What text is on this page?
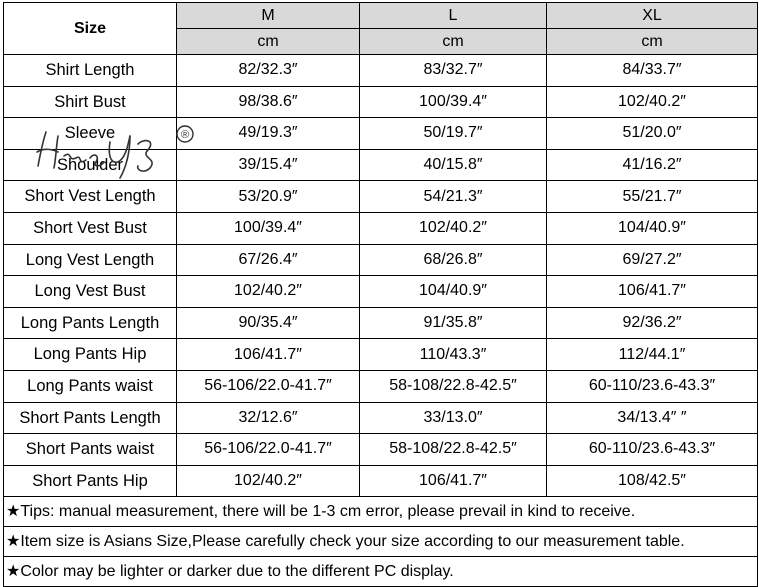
Size	M	L	XL
	cm	cm	cm
Shirt Length	82/32.3″	83/32.7″	84/33.7″
Shirt Bust	98/38.6″	100/39.4″	102/40.2″
Sleeve	49/19.3″	50/19.7″	51/20.0″
Shoulder	39/15.4″	40/15.8″	41/16.2″
Short Vest Length	53/20.9″	54/21.3″	55/21.7″
Short Vest Bust	100/39.4″	102/40.2″	104/40.9″
Long Vest Length	67/26.4″	68/26.8″	69/27.2″
Long Vest Bust	102/40.2″	104/40.9″	106/41.7″
Long Pants Length	90/35.4″	91/35.8″	92/36.2″
Long Pants Hip	106/41.7″	110/43.3″	112/44.1″
Long Pants waist	56-106/22.0-41.7″	58-108/22.8-42.5″	60-110/23.6-43.3″
Short Pants Length	32/12.6″	33/13.0″	34/13.4″ ″
Short Pants waist	56-106/22.0-41.7″	58-108/22.8-42.5″	60-110/23.6-43.3″
Short Pants Hip	102/40.2″	106/41.7″	108/42.5″
★Tips: manual measurement, there will be 1-3 cm error, please prevail in kind to receive.			
★Item size is Asians Size,Please carefully check your size according to our measurement table.			
★Color may be lighter or darker due to the different PC display.			
®
